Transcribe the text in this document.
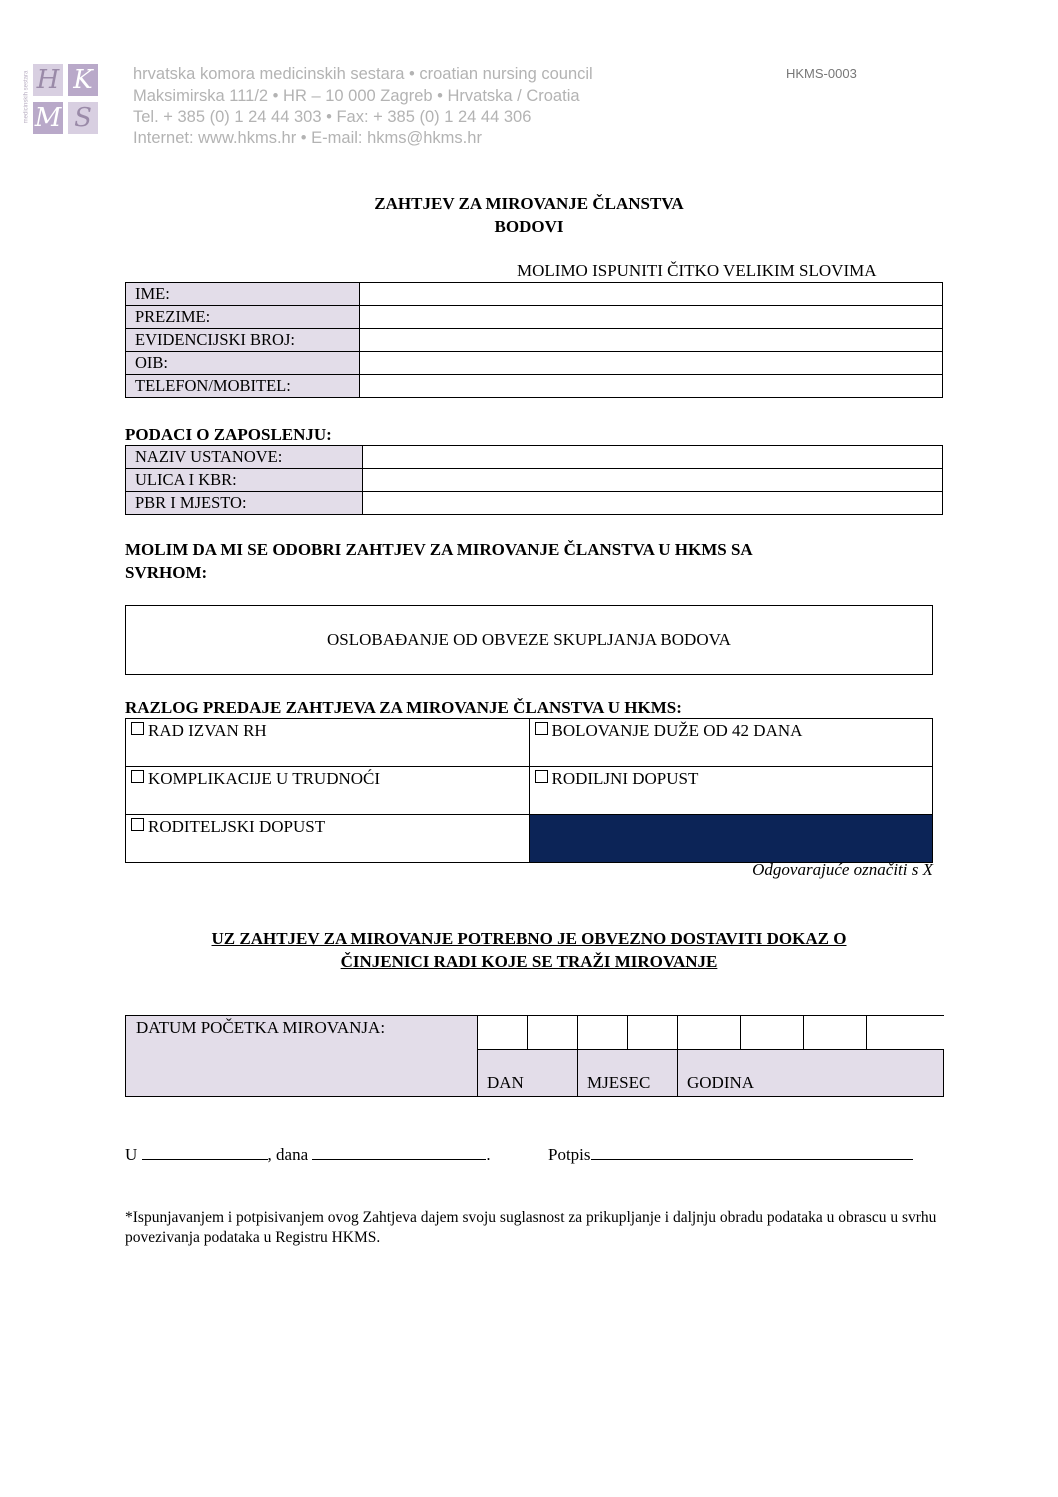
H K
M S
medicinskih sestara	hrvatska komora medicinskih sestara • croatian nursing council
Maksimirska 111/2 • HR – 10 000 Zagreb • Hrvatska / Croatia
Tel. + 385 (0) 1 24 44 303 • Fax: + 385 (0) 1 24 44 306
Internet: www.hkms.hr • E-mail: hkms@hkms.hr
HKMS-0003
ZAHTJEV ZA MIROVANJE ČLANSTVA
BODOVI
MOLIMO ISPUNITI ČITKO VELIKIM SLOVIMA
IME:	
PREZIME:	
EVIDENCIJSKI BROJ:	
OIB:	
TELEFON/MOBITEL:	
PODACI O ZAPOSLENJU:
NAZIV USTANOVE:	
ULICA I KBR:	
PBR I MJESTO:	
MOLIM DA MI SE ODOBRI ZAHTJEV ZA MIROVANJE ČLANSTVA U HKMS SA
SVRHOM:
OSLOBAĐANJE OD OBVEZE SKUPLJANJA BODOVA
RAZLOG PREDAJE ZAHTJEVA ZA MIROVANJE ČLANSTVA U HKMS:
RAD IZVAN RH	BOLOVANJE DUŽE OD 42 DANA
KOMPLIKACIJE U TRUDNOĆI	RODILJNI DOPUST
RODITELJSKI DOPUST	
Odgovarajuće označiti s X
UZ ZAHTJEV ZA MIROVANJE POTREBNO JE OBVEZNO DOSTAVITI DOKAZ O
ČINJENICI RADI KOJE SE TRAŽI MIROVANJE
DATUM POČETKA MIROVANJA:
DAN	MJESEC GODINA
U	, dana	.	Potpis
*Ispunjavanjem i potpisivanjem ovog Zahtjeva dajem svoju suglasnost za prikupljanje i daljnju obradu podataka u obrascu u svrhu povezivanja podataka u Registru HKMS.
